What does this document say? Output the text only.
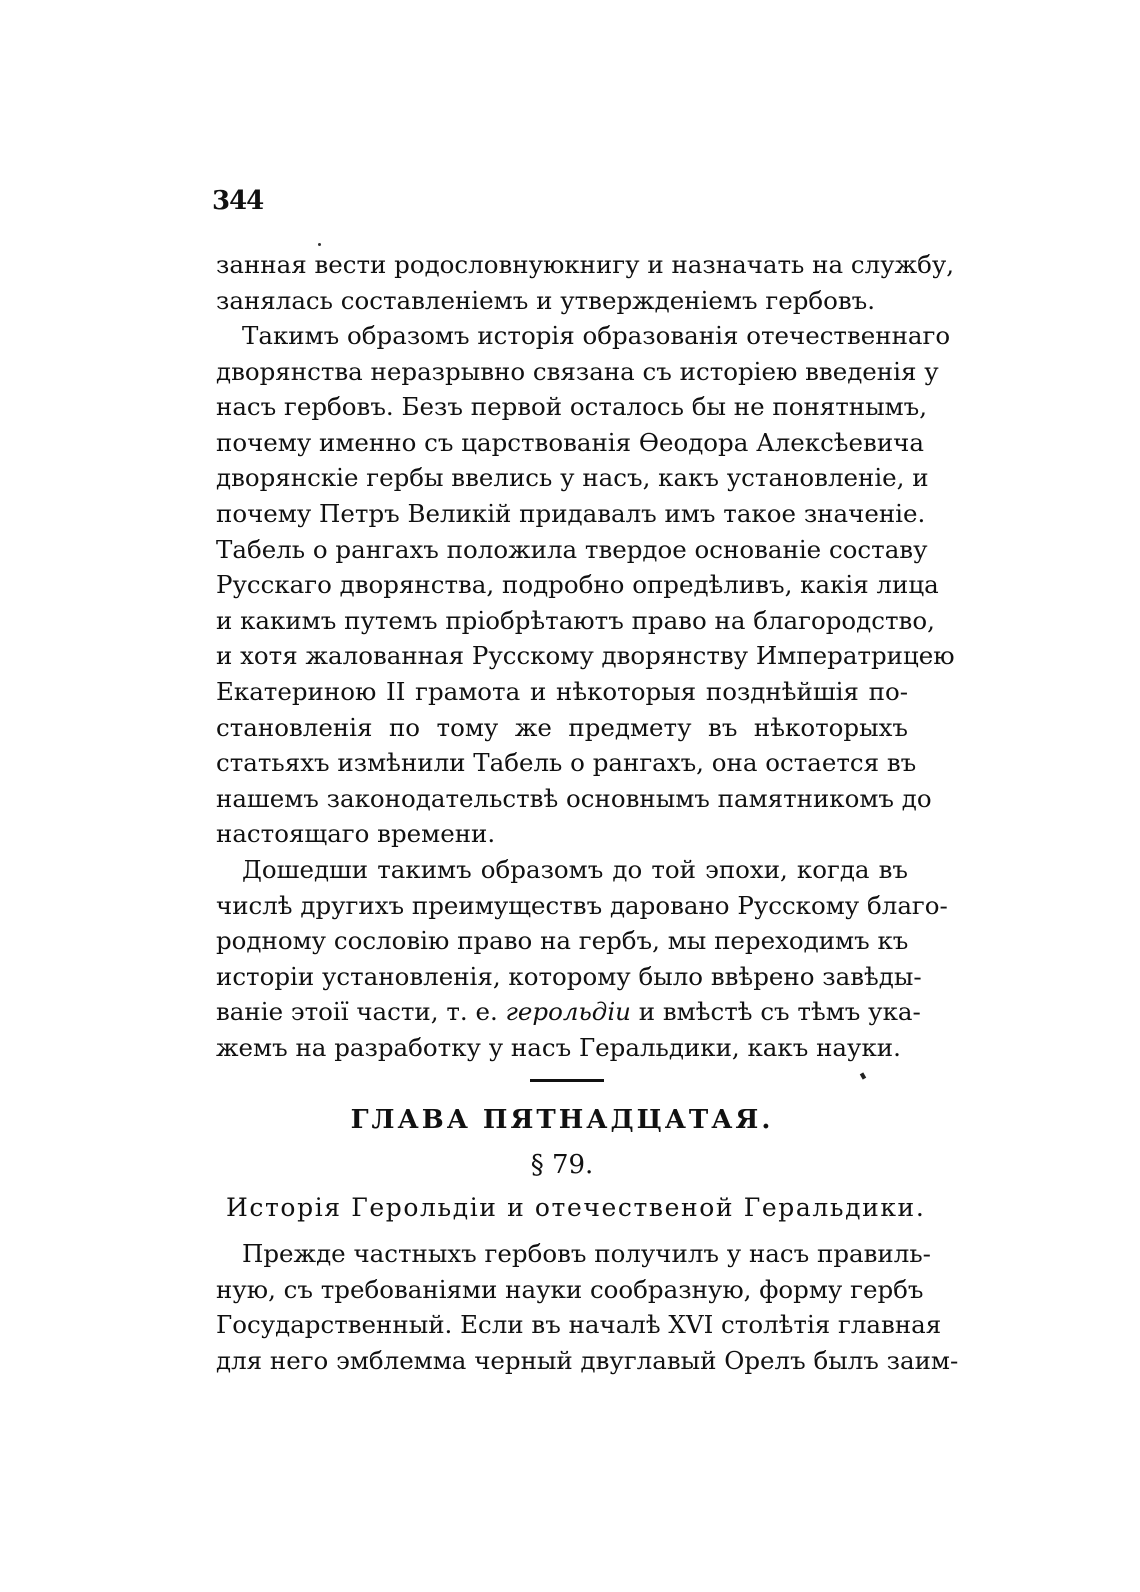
344
занная вести родословнуюкнигу и назначать на службу,
занялась составленіемъ и утвержденіемъ гербовъ.
Такимъ образомъ исторія образованія отечественнаго
дворянства неразрывно связана съ исторіею введенія у
насъ гербовъ. Безъ первой осталось бы не понятнымъ,
почему именно съ царствованія Ѳеодора Алексѣевича
дворянскіе гербы ввелись у насъ, какъ установленіе, и
почему Петръ Великій придавалъ имъ такое значеніе.
Табель о рангахъ положила твердое основаніе составу
Русскаго дворянства, подробно опредѣливъ, какія лица
и какимъ путемъ пріобрѣтаютъ право на благородство,
и хотя жалованная Русскому дворянству Императрицею
Екатериною II грамота и нѣкоторыя позднѣйшія по-
становленія по тому же предмету въ нѣкоторыхъ
статьяхъ измѣнили Табель о рангахъ, она остается въ
нашемъ законодательствѣ основнымъ памятникомъ до
настоящаго времени.
Дошедши такимъ образомъ до той эпохи, когда въ
числѣ другихъ преимуществъ даровано Русскому благо-
родному сословію право на гербъ, мы переходимъ къ
исторіи установленія, которому было ввѣрено завѣды-
ваніе этоiї части, т. е. герольдіи и вмѣстѣ съ тѣмъ ука-
жемъ на разработку у насъ Геральдики, какъ науки.
ГЛАВА ПЯТНАДЦАТАЯ.
§ 79.
Исторія Герольдіи и отечественой Геральдики.
Прежде частныхъ гербовъ получилъ у насъ правиль-
ную, съ требованіями науки сообразную, форму гербъ
Государственный. Если въ началѣ XVI столѣтія главная
для него эмблемма черный двуглавый Орелъ былъ заим-
